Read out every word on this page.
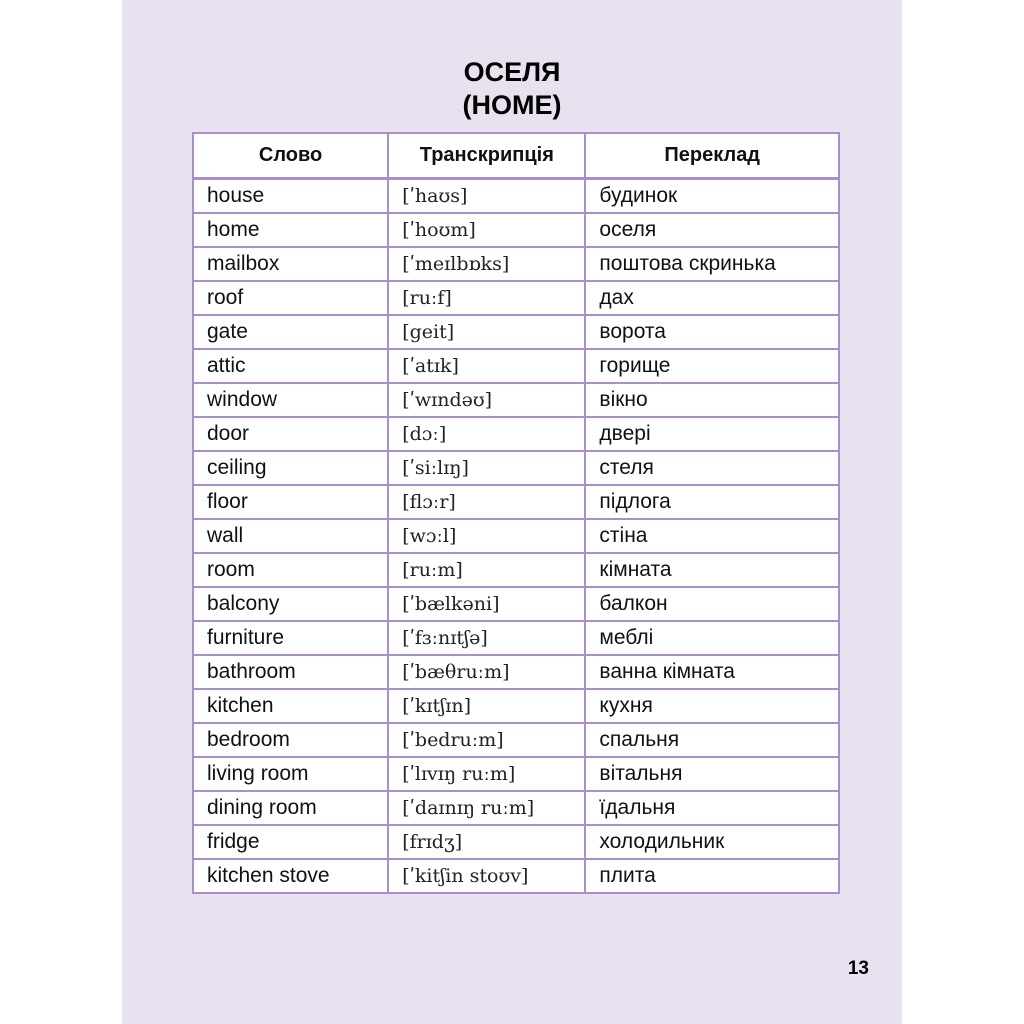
ОСЕЛЯ
(HOME)
Слово	Транскрипція	Переклад
house	[ʹhaʊs]	будинок
home	[ʹhoʊm]	оселя
mailbox	[ʹmeɪlbɒks]	поштова скринька
roof	[ruːf]	дах
gate	[geit]	ворота
attic	[ʹatɪk]	горище
window	[ʹwɪndəʊ]	вікно
door	[dɔː]	двері
ceiling	[ʹsiːlɪŋ]	стеля
floor	[flɔːr]	підлога
wall	[wɔːl]	стіна
room	[ruːm]	кімната
balcony	[ʹbælkəni]	балкон
furniture	[ʹfɜːnɪtʃə]	меблі
bathroom	[ʹbæθruːm]	ванна кімната
kitchen	[ʹkɪtʃɪn]	кухня
bedroom	[ʹbedruːm]	спальня
living room	[ʹlɪvɪŋ ruːm]	вітальня
dining room	[ʹdaɪnɪŋ ruːm]	їдальня
fridge	[frɪdʒ]	холодильник
kitchen stove	[ʹkitʃin stoʊv]	плита
13
